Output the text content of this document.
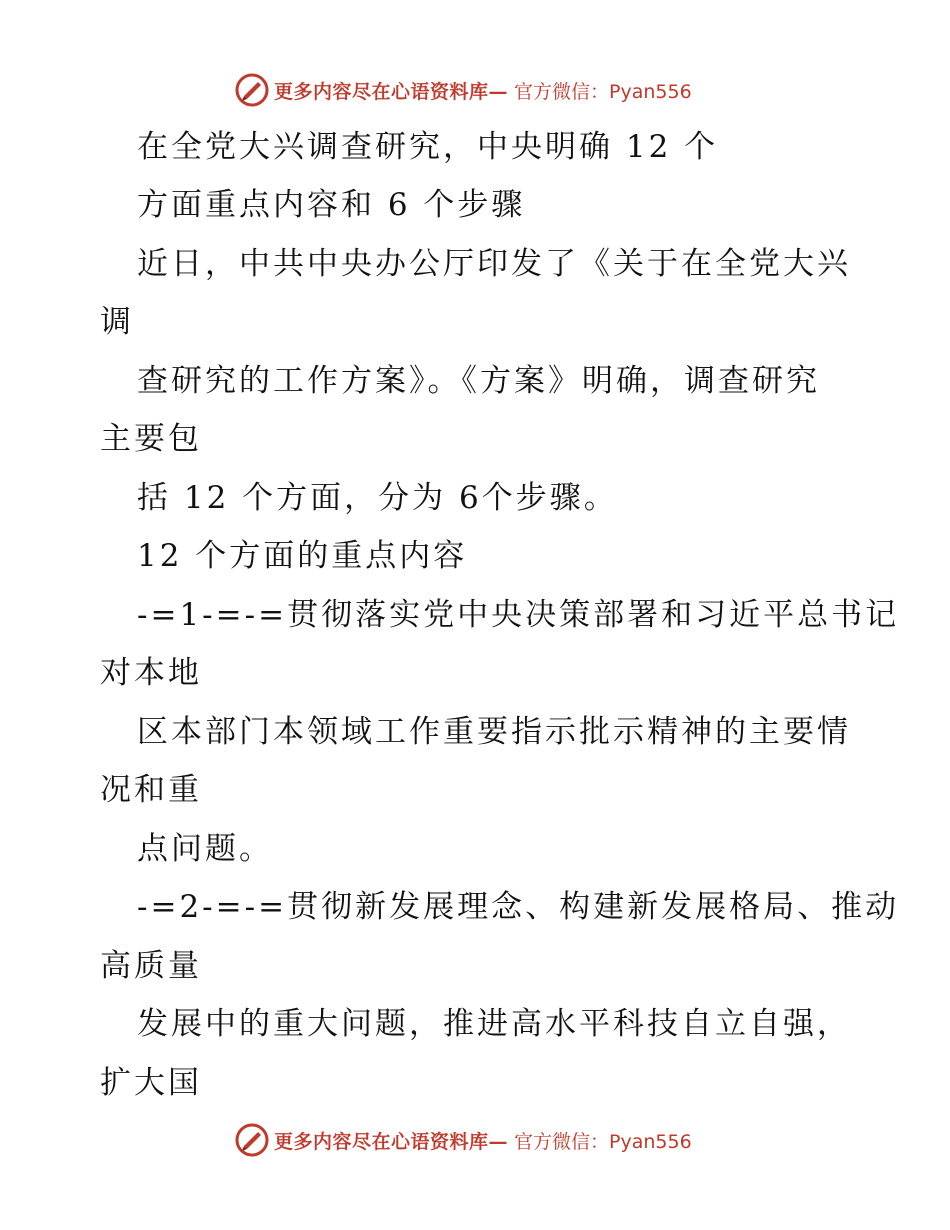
更多内容尽在心语资料库— 官方微信：Pyan556
在全党大兴调查研究，中央明确 12 个
方面重点内容和 6 个步骤
近日，中共中央办公厅印发了《关于在全党大兴
调
查研究的工作方案》。《方案》明确，调查研究
主要包
括 12 个方面，分为 6个步骤。
12 个方面的重点内容
-=1-=-=贯彻落实党中央决策部署和习近平总书记
对本地
区本部门本领域工作重要指示批示精神的主要情
况和重
点问题。
-=2-=-=贯彻新发展理念、构建新发展格局、推动
高质量
发展中的重大问题，推进高水平科技自立自强，
扩大国
更多内容尽在心语资料库— 官方微信：Pyan556
